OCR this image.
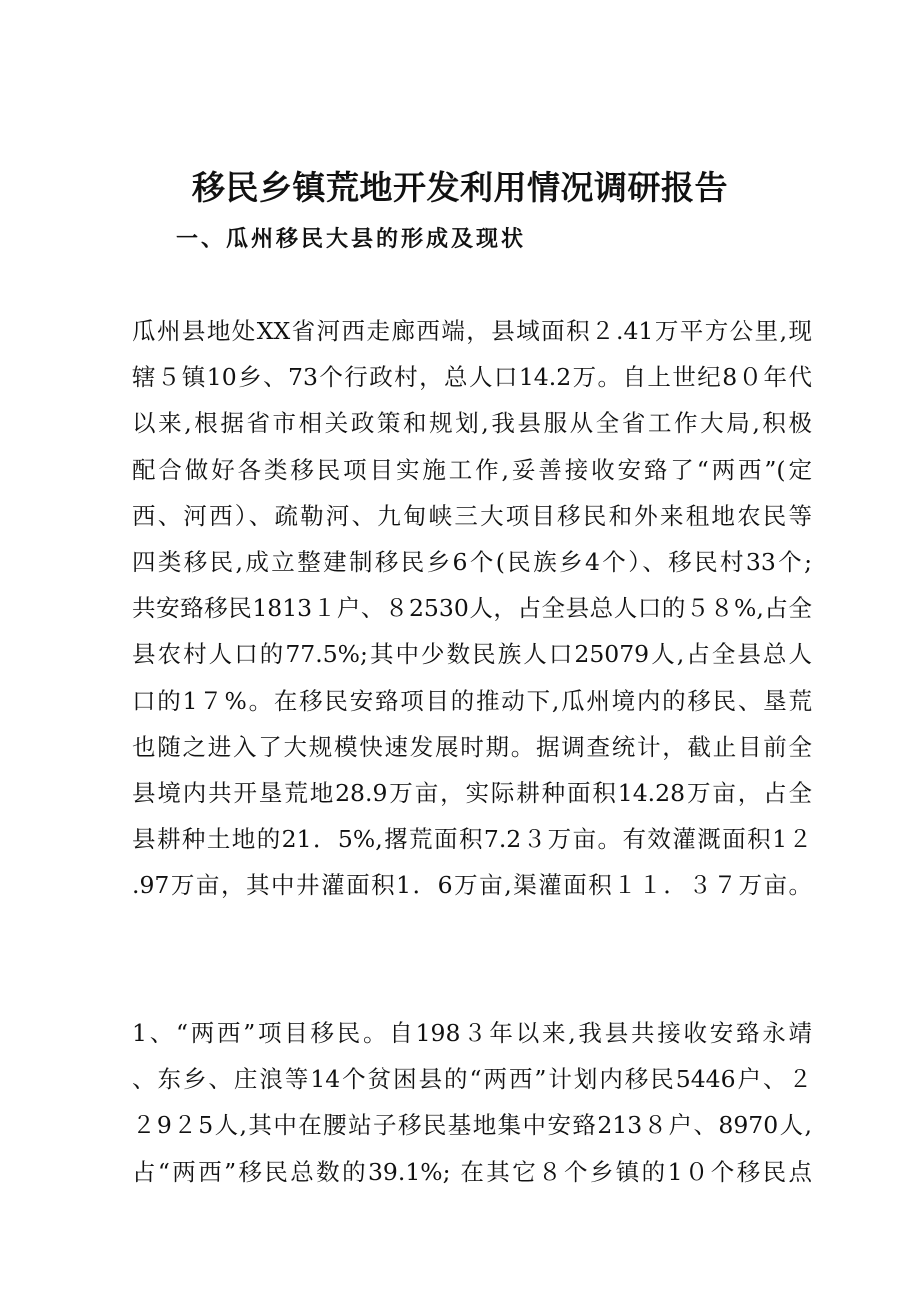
移民乡镇荒地开发利用情况调研报告
一、瓜州移民大县的形成及现状
瓜州县地处XX省河西走廊西端，县域面积２.41万平方公里,现
辖５镇10乡、73个行政村，总人口14.2万。自上世纪8０年代
以来,根据省市相关政策和规划,我县服从全省工作大局,积极
配合做好各类移民项目实施工作,妥善接收安臵了“两西”(定
西、河西）、疏勒河、九甸峡三大项目移民和外来租地农民等
四类移民,成立整建制移民乡6个(民族乡4个）、移民村33个;
共安臵移民1813１户、８2530人，占全县总人口的５８%,占全
县农村人口的77.5%;其中少数民族人口25079人,占全县总人
口的1７%。在移民安臵项目的推动下,瓜州境内的移民、垦荒
也随之进入了大规模快速发展时期。据调查统计，截止目前全
县境内共开垦荒地28.9万亩，实际耕种面积14.28万亩，占全
县耕种土地的21．5%,撂荒面积7.2３万亩。有效灌溉面积1２
.97万亩，其中井灌面积1．6万亩,渠灌面积１１．３７万亩。
1、“两西”项目移民。自198３年以来,我县共接收安臵永靖
、东乡、庄浪等14个贫困县的“两西”计划内移民5446户、２
２9２5人,其中在腰站子移民基地集中安臵213８户、8970人,
占“两西”移民总数的39.1%; 在其它８个乡镇的1０个移民点
